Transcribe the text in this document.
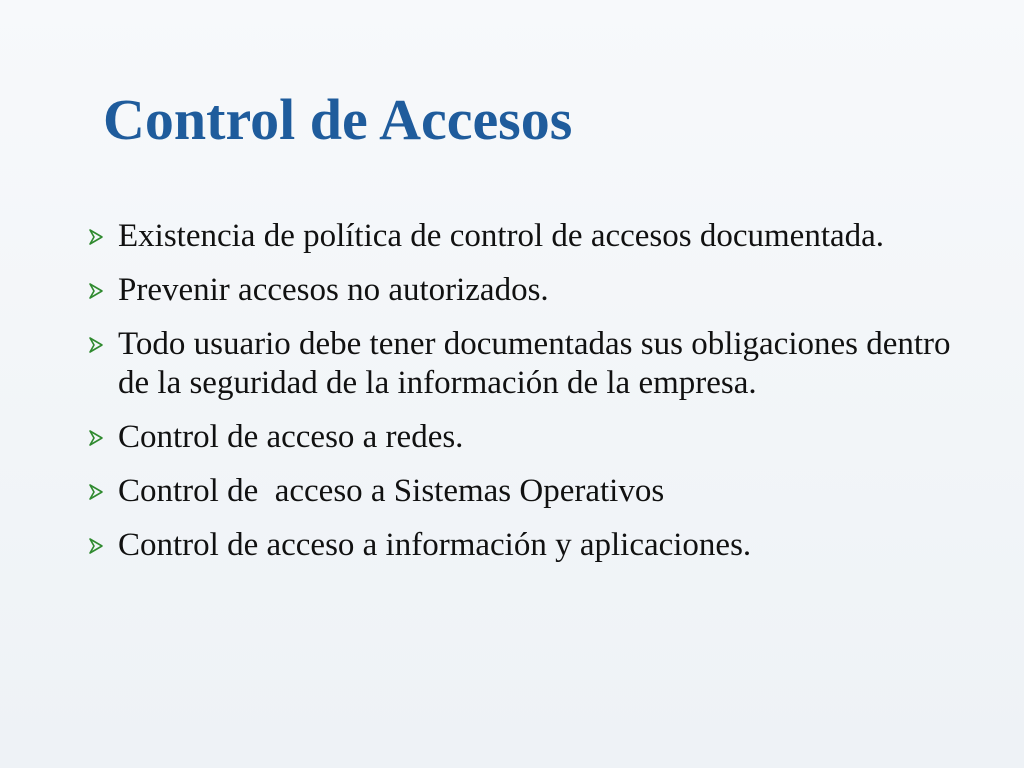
Control de Accesos
Existencia de política de control de accesos documentada.
Prevenir accesos no autorizados.
Todo usuario debe tener documentadas sus obligaciones dentro de la seguridad de la información de la empresa.
Control de acceso a redes.
Control de  acceso a Sistemas Operativos
Control de acceso a información y aplicaciones.
